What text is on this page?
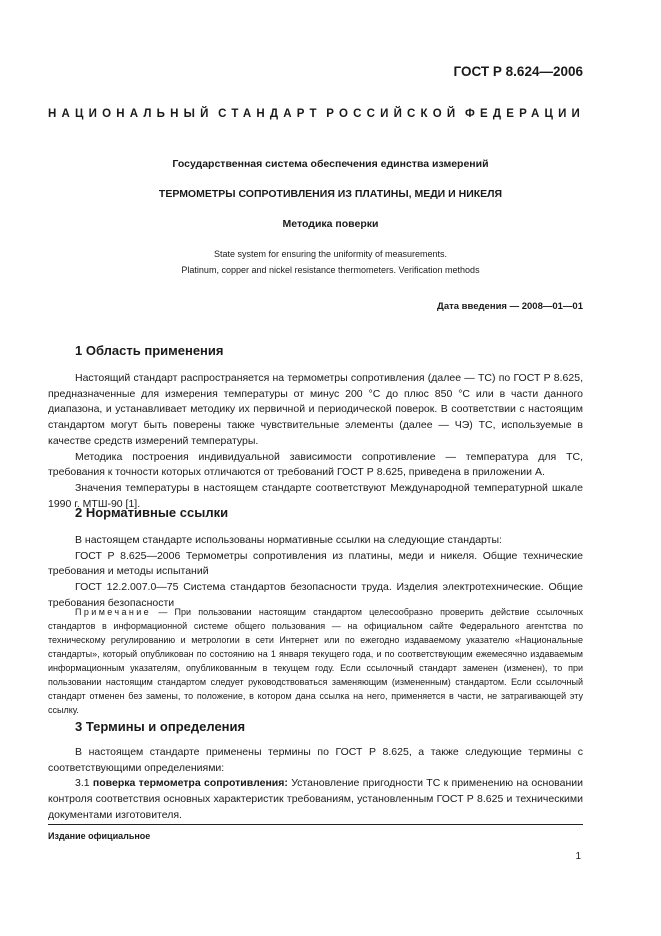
ГОСТ Р 8.624—2006
НАЦИОНАЛЬНЫЙ СТАНДАРТ РОССИЙСКОЙ ФЕДЕРАЦИИ
Государственная система обеспечения единства измерений
ТЕРМОМЕТРЫ СОПРОТИВЛЕНИЯ ИЗ ПЛАТИНЫ, МЕДИ И НИКЕЛЯ
Методика поверки
State system for ensuring the uniformity of measurements.
Platinum, copper and nickel resistance thermometers. Verification methods
Дата введения — 2008—01—01
1 Область применения

Настоящий стандарт распространяется на термометры сопротивления (далее — ТС) по ГОСТ Р 8.625, предназначенные для измерения температуры от минус 200 °С до плюс 850 °С или в части данного диапазона, и устанавливает методику их первичной и периодической поверок. В соответствии с настоящим стандартом могут быть поверены также чувствительные элементы (далее — ЧЭ) ТС, используемые в качестве средств измерений температуры.

Методика построения индивидуальной зависимости сопротивление — температура для ТС, требования к точности которых отличаются от требований ГОСТ Р 8.625, приведена в приложении А.

Значения температуры в настоящем стандарте соответствуют Международной температурной шкале 1990 г. МТШ-90 [1].

2 Нормативные ссылки

В настоящем стандарте использованы нормативные ссылки на следующие стандарты:

ГОСТ Р 8.625—2006 Термометры сопротивления из платины, меди и никеля. Общие технические требования и методы испытаний

ГОСТ 12.2.007.0—75 Система стандартов безопасности труда. Изделия электротехнические. Общие требования безопасности

Примечание — При пользовании настоящим стандартом целесообразно проверить действие ссылочных стандартов в информационной системе общего пользования — на официальном сайте Федерального агентства по техническому регулированию и метрологии в сети Интернет или по ежегодно издаваемому указателю «Национальные стандарты», который опубликован по состоянию на 1 января текущего года, и по соответствующим ежемесячно издаваемым информационным указателям, опубликованным в текущем году. Если ссылочный стандарт заменен (изменен), то при пользовании настоящим стандартом следует руководствоваться заменяющим (измененным) стандартом. Если ссылочный стандарт отменен без замены, то положение, в котором дана ссылка на него, применяется в части, не затрагивающей эту ссылку.

3 Термины и определения

В настоящем стандарте применены термины по ГОСТ Р 8.625, а также следующие термины с соответствующими определениями:

3.1 поверка термометра сопротивления: Установление пригодности ТС к применению на основании контроля соответствия основных характеристик требованиям, установленным ГОСТ Р 8.625 и техническими документами изготовителя.

Издание официальное
1
